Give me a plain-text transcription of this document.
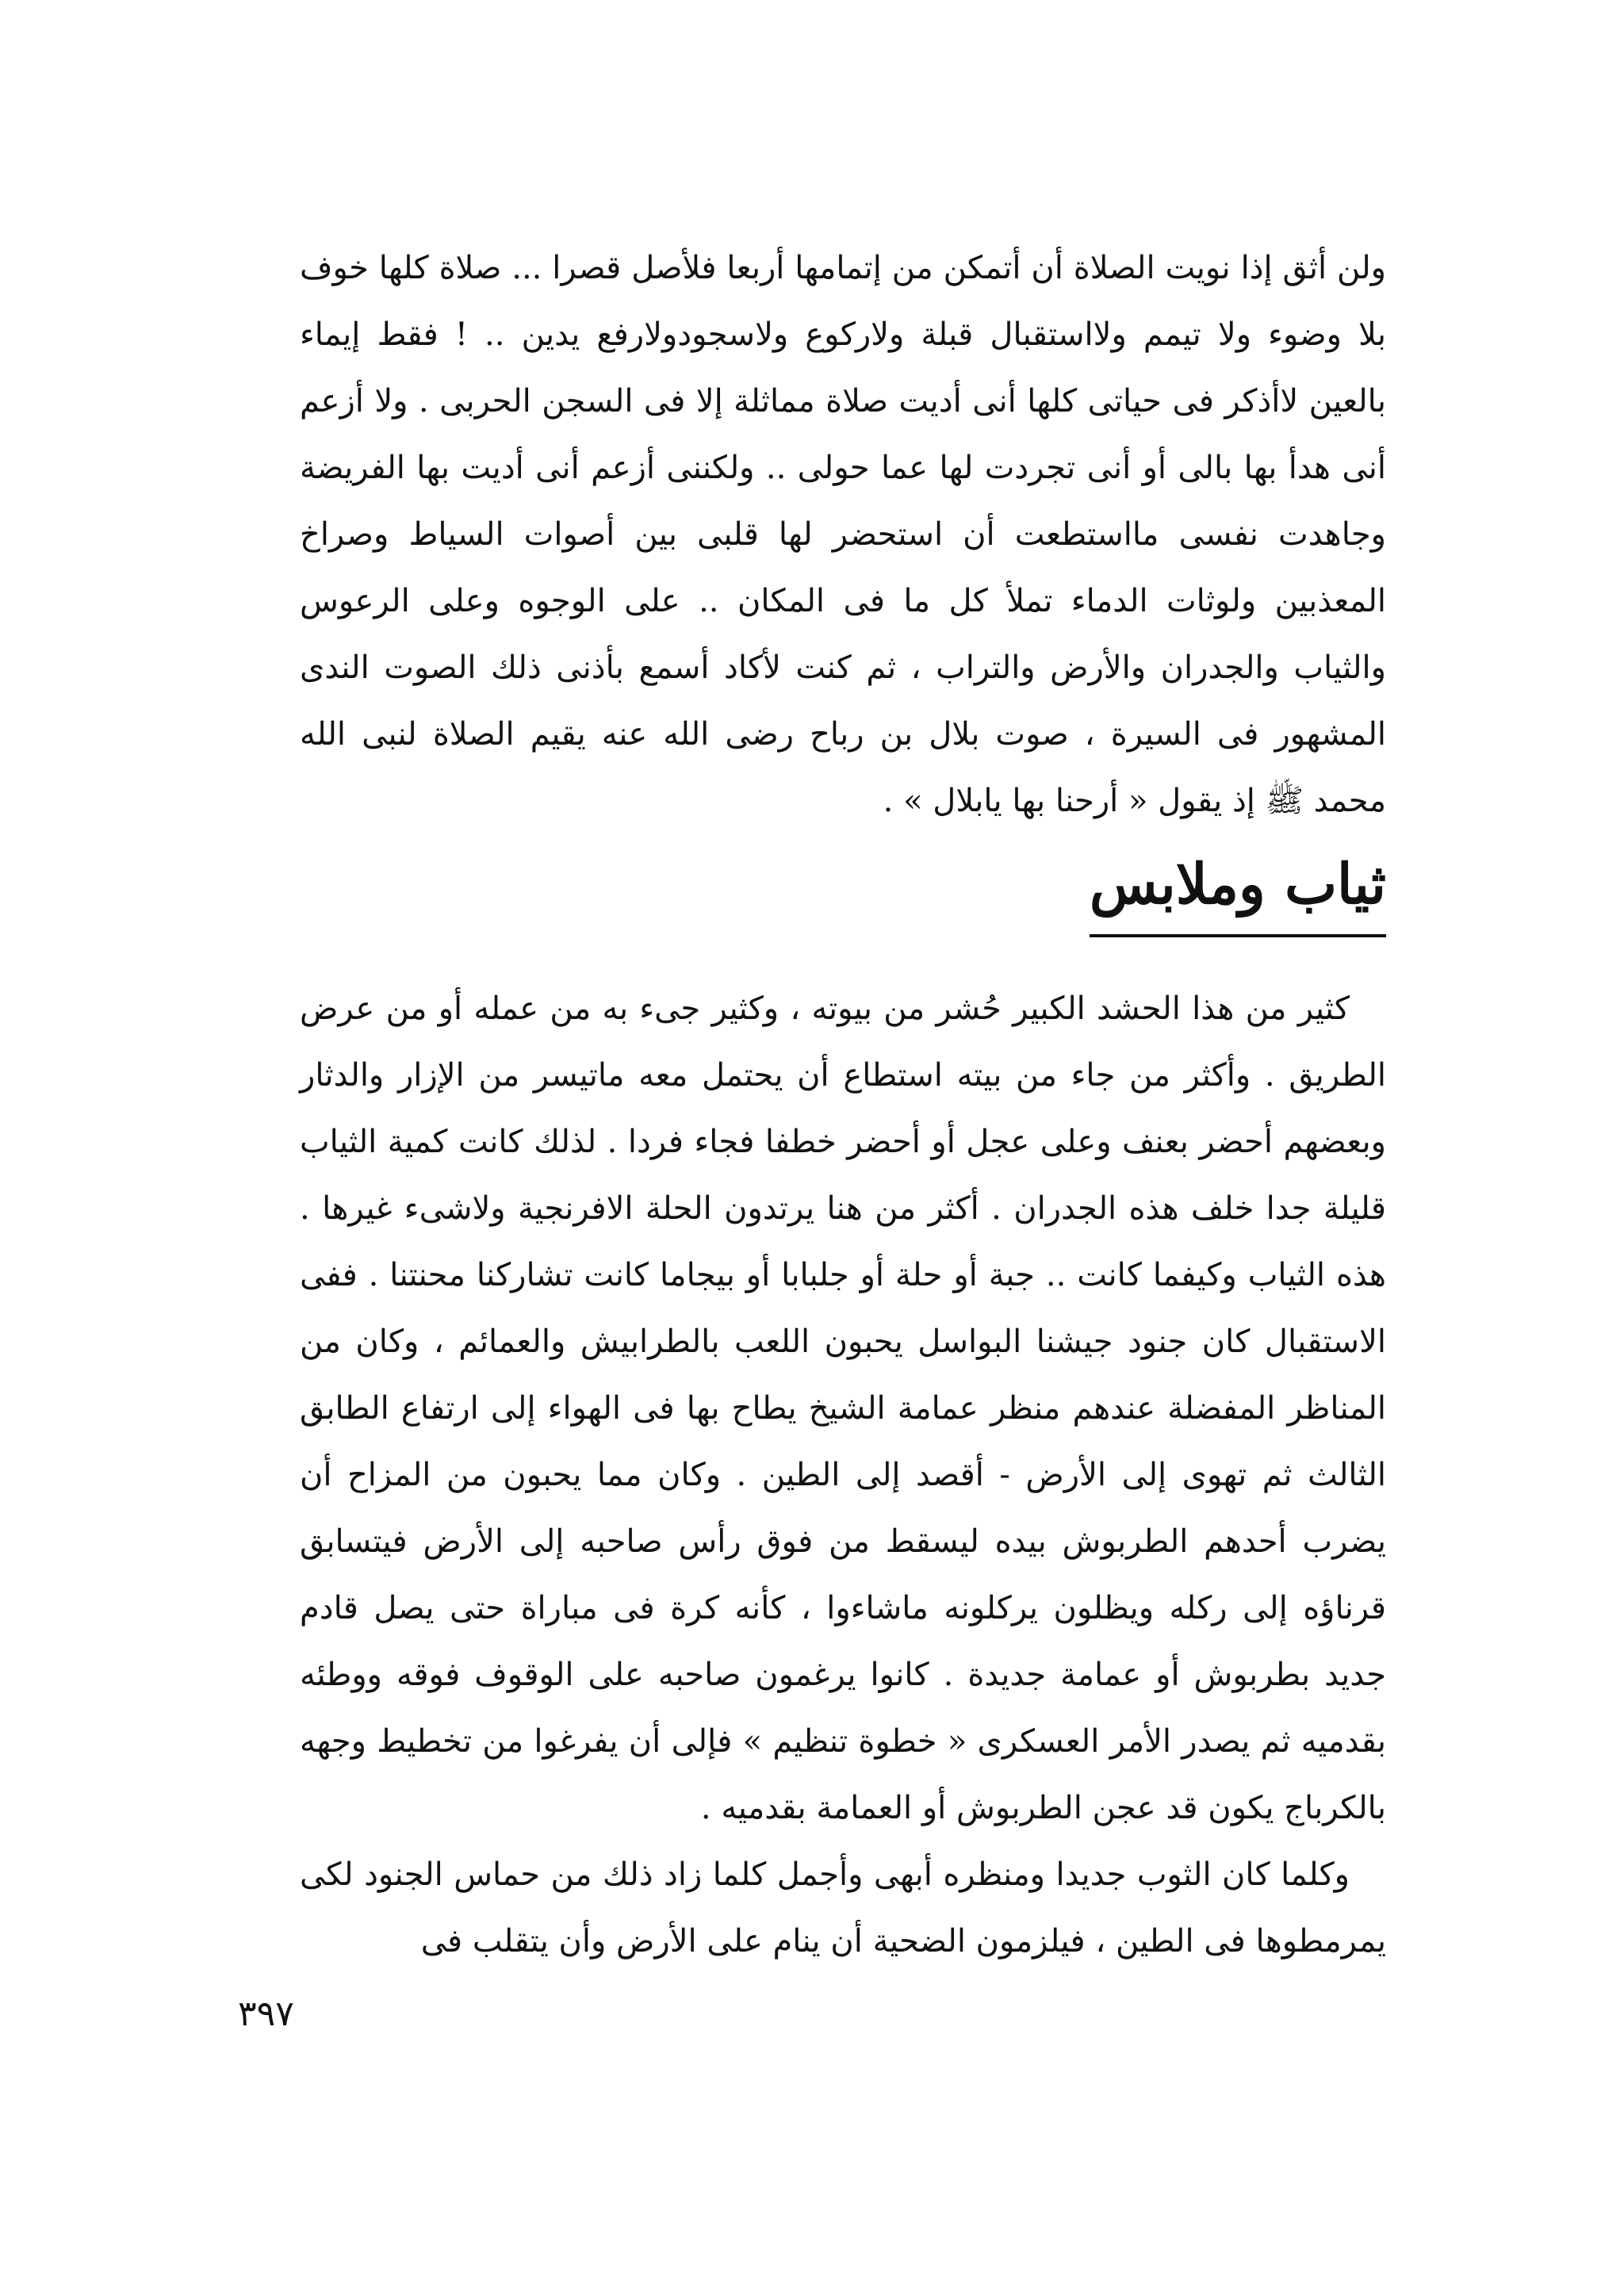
ولن أثق إذا نويت الصلاة أن أتمكن من إتمامها أربعا فلأصل قصرا ... صلاة كلها خوف بلا وضوء ولا تيمم ولااستقبال قبلة ولاركوع ولاسجودولارفع يدين .. ! فقط إيماء بالعين لاأذكر فى حياتى كلها أنى أديت صلاة مماثلة إلا فى السجن الحربى . ولا أزعم أنى هدأ بها بالى أو أنى تجردت لها عما حولى .. ولكننى أزعم أنى أديت بها الفريضة وجاهدت نفسى مااستطعت أن استحضر لها قلبى بين أصوات السياط وصراخ المعذبين ولوثات الدماء تملأ كل ما فى المكان .. على الوجوه وعلى الرعوس والثياب والجدران والأرض والتراب ، ثم كنت لأكاد أسمع بأذنى ذلك الصوت الندى المشهور فى السيرة ، صوت بلال بن رباح رضى الله عنه يقيم الصلاة لنبى الله محمد ﷺ إذ يقول « أرحنا بها يابلال » .

ثياب وملابس

كثير من هذا الحشد الكبير حُشر من بيوته ، وكثير جىء به من عمله أو من عرض الطريق . وأكثر من جاء من بيته استطاع أن يحتمل معه ماتيسر من الإزار والدثار وبعضهم أحضر بعنف وعلى عجل أو أحضر خطفا فجاء فردا . لذلك كانت كمية الثياب قليلة جدا خلف هذه الجدران . أكثر من هنا يرتدون الحلة الافرنجية ولاشىء غيرها . هذه الثياب وكيفما كانت .. جبة أو حلة أو جلبابا أو بيجاما كانت تشاركنا محنتنا . ففى الاستقبال كان جنود جيشنا البواسل يحبون اللعب بالطرابيش والعمائم ، وكان من المناظر المفضلة عندهم منظر عمامة الشيخ يطاح بها فى الهواء إلى ارتفاع الطابق الثالث ثم تهوى إلى الأرض - أقصد إلى الطين . وكان مما يحبون من المزاح أن يضرب أحدهم الطربوش بيده ليسقط من فوق رأس صاحبه إلى الأرض فيتسابق قرناؤه إلى ركله ويظلون يركلونه ماشاءوا ، كأنه كرة فى مباراة حتى يصل قادم جديد بطربوش أو عمامة جديدة . كانوا يرغمون صاحبه على الوقوف فوقه ووطئه بقدميه ثم يصدر الأمر العسكرى « خطوة تنظيم » فإلى أن يفرغوا من تخطيط وجهه بالكرباج يكون قد عجن الطربوش أو العمامة بقدميه .

وكلما كان الثوب جديدا ومنظره أبهى وأجمل كلما زاد ذلك من حماس الجنود لكى يمرمطوها فى الطين ، فيلزمون الضحية أن ينام على الأرض وأن يتقلب فى

٣٩٧
